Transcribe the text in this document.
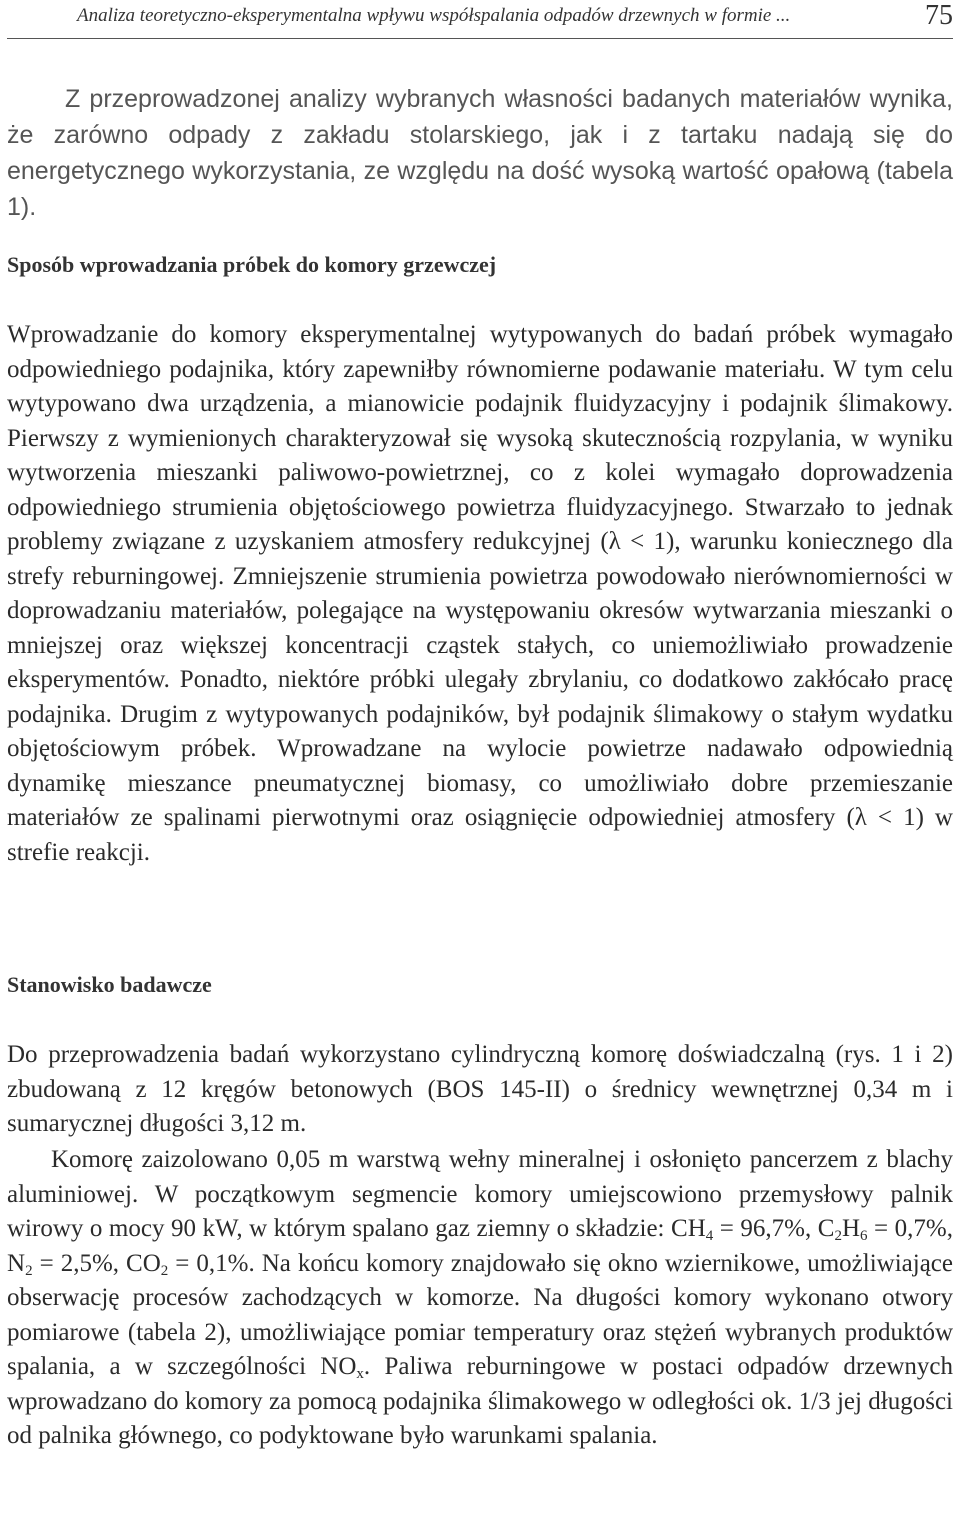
Analiza teoretyczno-eksperymentalna wpływu współspalania odpadów drzewnych w formie ...	75

Z przeprowadzonej analizy wybranych własności badanych materiałów wynika, że zarówno odpady z zakładu stolarskiego, jak i z tartaku nadają się do energetycznego wykorzystania, ze względu na dość wysoką wartość opałową (tabela 1).

Sposób wprowadzania próbek do komory grzewczej

Wprowadzanie do komory eksperymentalnej wytypowanych do badań próbek wymagało odpowiedniego podajnika, który zapewniłby równomierne podawanie materiału. W tym celu wytypowano dwa urządzenia, a mianowicie podajnik fluidyzacyjny i podajnik ślimakowy. Pierwszy z wymienionych charakteryzował się wysoką skutecznością rozpylania, w wyniku wytworzenia mieszanki paliwowo-powietrznej, co z kolei wymagało doprowadzenia odpowiedniego strumienia objętościowego powietrza fluidyzacyjnego. Stwarzało to jednak problemy związane z uzyskaniem atmosfery redukcyjnej (λ < 1), warunku koniecznego dla strefy reburningowej. Zmniejszenie strumienia powietrza powodowało nierównomierności w doprowadzaniu materiałów, polegające na występowaniu okresów wytwarzania mieszanki o mniejszej oraz większej koncentracji cząstek stałych, co uniemożliwiało prowadzenie eksperymentów. Ponadto, niektóre próbki ulegały zbrylaniu, co dodatkowo zakłócało pracę podajnika. Drugim z wytypowanych podajników, był podajnik ślimakowy o stałym wydatku objętościowym próbek. Wprowadzane na wylocie powietrze nadawało odpowiednią dynamikę mieszance pneumatycznej biomasy, co umożliwiało dobre przemieszanie materiałów ze spalinami pierwotnymi oraz osiągnięcie odpowiedniej atmosfery (λ < 1) w strefie reakcji.

Stanowisko badawcze

Do przeprowadzenia badań wykorzystano cylindryczną komorę doświadczalną (rys. 1 i 2) zbudowaną z 12 kręgów betonowych (BOS 145-II) o średnicy wewnętrznej 0,34 m i sumarycznej długości 3,12 m.

Komorę zaizolowano 0,05 m warstwą wełny mineralnej i osłonięto pancerzem z blachy aluminiowej. W początkowym segmencie komory umiejscowiono przemysłowy palnik wirowy o mocy 90 kW, w którym spalano gaz ziemny o składzie: $CH_4 = 96,7\%$, $C_2H_6 = 0,7\%$, $N_2 = 2,5\%$, $CO_2 = 0,1\%$. Na końcu komory znajdowało się okno wziernikowe, umożliwiające obserwację procesów zachodzących w komorze. Na długości komory wykonano otwory pomiarowe (tabela 2), umożliwiające pomiar temperatury oraz stężeń wybranych produktów spalania, a w szczególności $NO_x$. Paliwa reburningowe w postaci odpadów drzewnych wprowadzano do komory za pomocą podajnika ślimakowego w odległości ok. 1/3 jej długości od palnika głównego, co podyktowane było warunkami spalania.
